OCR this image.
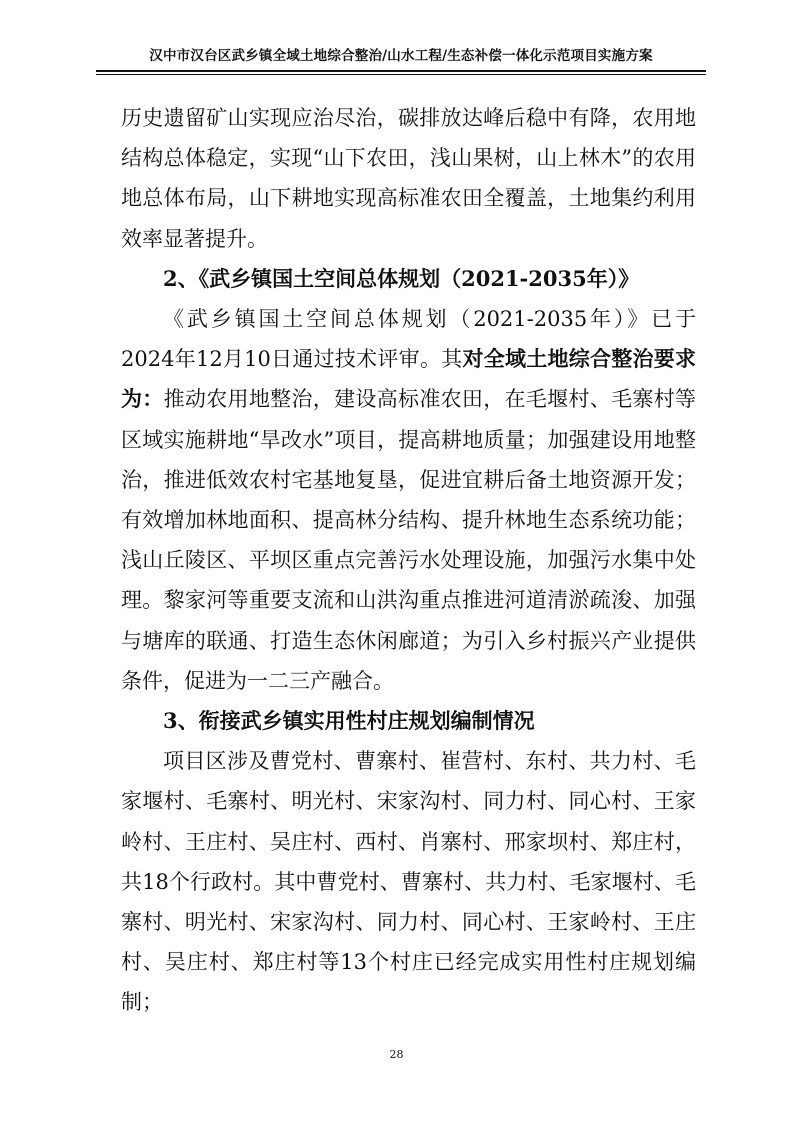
汉中市汉台区武乡镇全域土地综合整治/山水工程/生态补偿一体化示范项目实施方案

历史遗留矿山实现应治尽治，碳排放达峰后稳中有降，农用地结构总体稳定，实现“山下农田，浅山果树，山上林木”的农用地总体布局，山下耕地实现高标准农田全覆盖，土地集约利用效率显著提升。

2、《武乡镇国土空间总体规划（2021-2035年）》

《武乡镇国土空间总体规划（2021-2035年）》已于2024年12月10日通过技术评审。其对全域土地综合整治要求为：推动农用地整治，建设高标准农田，在毛堰村、毛寨村等区域实施耕地“旱改水”项目，提高耕地质量；加强建设用地整治，推进低效农村宅基地复垦，促进宜耕后备土地资源开发；有效增加林地面积、提高林分结构、提升林地生态系统功能；浅山丘陵区、平坝区重点完善污水处理设施，加强污水集中处理。黎家河等重要支流和山洪沟重点推进河道清淤疏浚、加强与塘库的联通、打造生态休闲廊道；为引入乡村振兴产业提供条件，促进为一二三产融合。

3、衔接武乡镇实用性村庄规划编制情况

项目区涉及曹党村、曹寨村、崔营村、东村、共力村、毛家堰村、毛寨村、明光村、宋家沟村、同力村、同心村、王家岭村、王庄村、吴庄村、西村、肖寨村、邢家坝村、郑庄村，共18个行政村。其中曹党村、曹寨村、共力村、毛家堰村、毛寨村、明光村、宋家沟村、同力村、同心村、王家岭村、王庄村、吴庄村、郑庄村等13个村庄已经完成实用性村庄规划编制；

28
